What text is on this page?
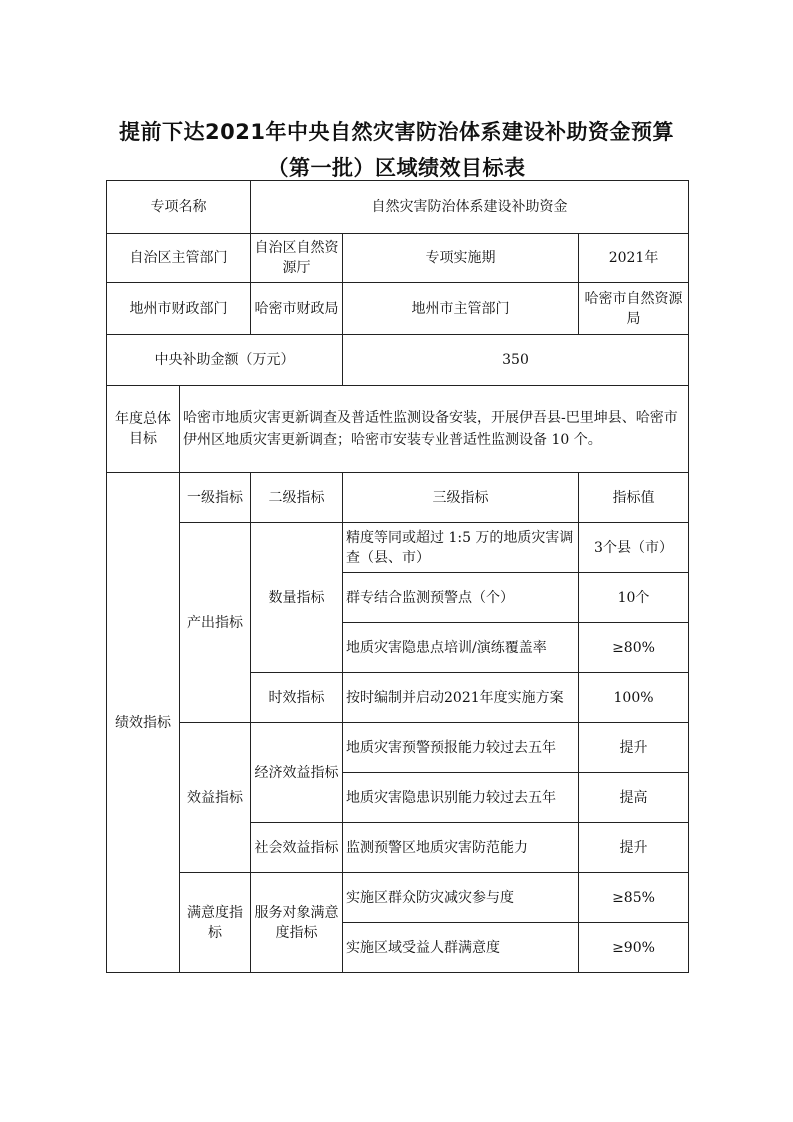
提前下达2021年中央自然灾害防治体系建设补助资金预算
（第一批）区域绩效目标表
专项名称		自然灾害防治体系建设补助资金		
自治区主管部门		自治区自然资源厅	专项实施期	2021年
地州市财政部门		哈密市财政局	地州市主管部门	哈密市自然资源局
中央补助金额（万元）			350	
年度总体目标	哈密市地质灾害更新调查及普适性监测设备安装，开展伊吾县-巴里坤县、哈密市伊州区地质灾害更新调查；哈密市安装专业普适性监测设备 10 个。			
绩效指标	一级指标	二级指标	三级指标	指标值
	产出指标	数量指标	精度等同或超过 1:5 万的地质灾害调查（县、市）	3个县（市）
			群专结合监测预警点（个）	10个
			地质灾害隐患点培训/演练覆盖率	≥80%
		时效指标	按时编制并启动2021年度实施方案	100%
	效益指标	经济效益指标	地质灾害预警预报能力较过去五年	提升
			地质灾害隐患识别能力较过去五年	提高
		社会效益指标	监测预警区地质灾害防范能力	提升
	满意度指标	服务对象满意度指标	实施区群众防灾减灾参与度	≥85%
			实施区域受益人群满意度	≥90%
